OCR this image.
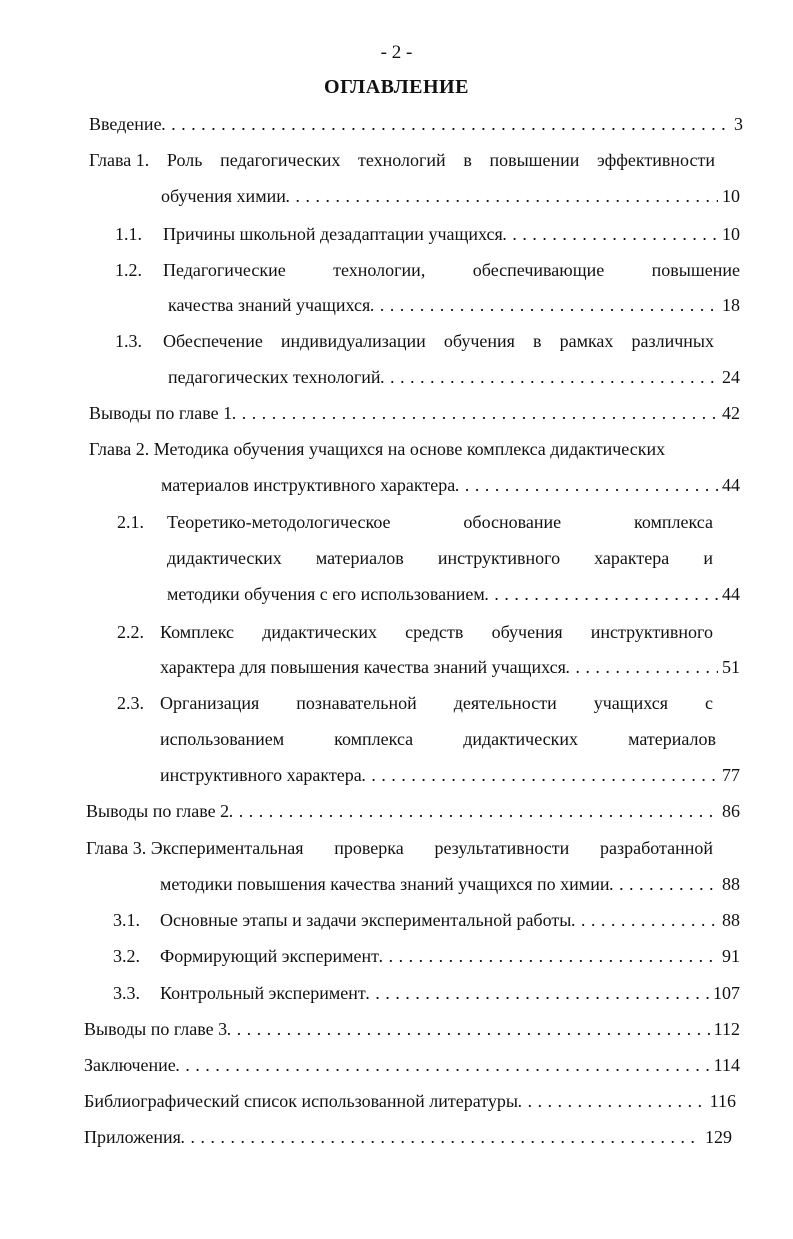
- 2 -
ОГЛАВЛЕНИЕ
Введение . . .	3
Глава 1. Роль педагогических технологий в повышении эффективности
обучения химии . . .	10
1.1. Причины школьной дезадаптации учащихся . . .	10
1.2. Педагогические	технологии,	обеспечивающие	повышение
качества знаний учащихся . . .	18
1.3. Обеспечение индивидуализации обучения в рамках различных
педагогических технологий . . .	24
Выводы по главе 1 . . .	42
Глава 2. Методика обучения учащихся на основе комплекса дидактических
материалов инструктивного характера . . .	44
2.1. Теоретико-методологическое	обоснование	комплекса
дидактических материалов инструктивного характера и
методики обучения с его использованием . . .	44
2.2. Комплекс дидактических средств обучения инструктивного
характера для повышения качества знаний учащихся . . .	51
2.3. Организация познавательной деятельности учащихся с
использованием	комплекса	дидактических	материалов
инструктивного характера . . .	77
Выводы по главе 2 . . .	86
Глава 3. Экспериментальная проверка результативности разработанной
методики повышения качества знаний учащихся по химии . . .	88
3.1. Основные этапы и задачи экспериментальной работы . . .	88
3.2. Формирующий эксперимент . . .	91
3.3. Контрольный эксперимент . . .	107
Выводы по главе 3 . . .	112
Заключение . . .	114
Библиографический список использованной литературы . . .	116
Приложения . . .	129
